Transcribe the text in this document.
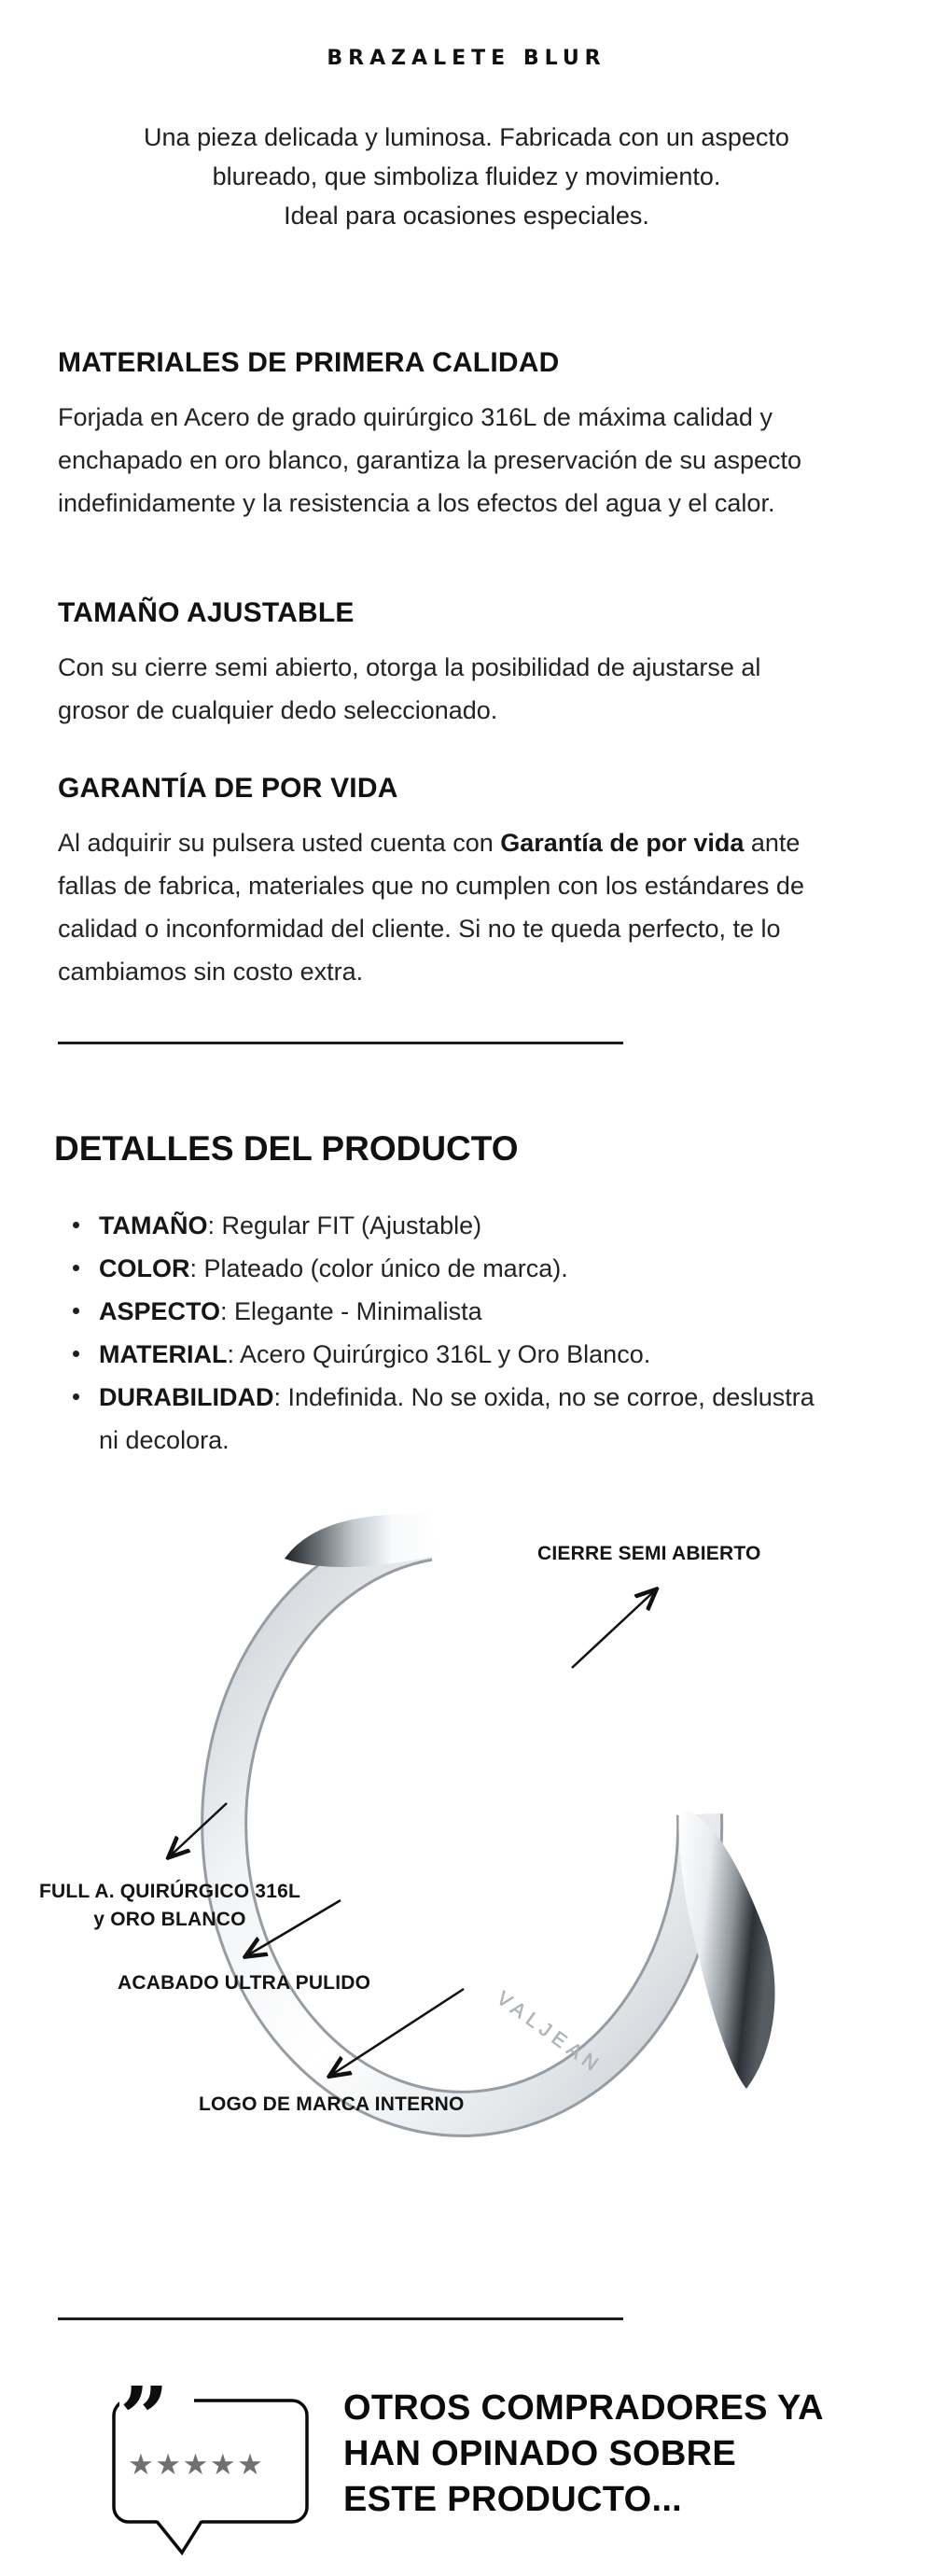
BRAZALETE BLUR
Una pieza delicada y luminosa. Fabricada con un aspecto
blureado, que simboliza fluidez y movimiento.
Ideal para ocasiones especiales.
MATERIALES DE PRIMERA CALIDAD
Forjada en Acero de grado quirúrgico 316L de máxima calidad y enchapado en oro blanco, garantiza la preservación de su aspecto indefinidamente y la resistencia a los efectos del agua y el calor.
TAMAÑO AJUSTABLE
Con su cierre semi abierto, otorga la posibilidad de ajustarse al grosor de cualquier dedo seleccionado.
GARANTÍA DE POR VIDA
Al adquirir su pulsera usted cuenta con Garantía de por vida ante fallas de fabrica, materiales que no cumplen con los estándares de calidad o inconformidad del cliente. Si no te queda perfecto, te lo cambiamos sin costo extra.
DETALLES DEL PRODUCTO
TAMAÑO: Regular FIT (Ajustable)
COLOR: Plateado (color único de marca).
ASPECTO: Elegante - Minimalista
MATERIAL: Acero Quirúrgico 316L y Oro Blanco.
DURABILIDAD: Indefinida. No se oxida, no se corroe, deslustra ni decolora.
VALJEAN
CIERRE SEMI ABIERTO
FULL A. QUIRÚRGICO 316L
y ORO BLANCO
ACABADO ULTRA PULIDO
LOGO DE MARCA INTERNO
”
★★★★★
OTROS COMPRADORES YA
HAN OPINADO SOBRE
ESTE PRODUCTO...
